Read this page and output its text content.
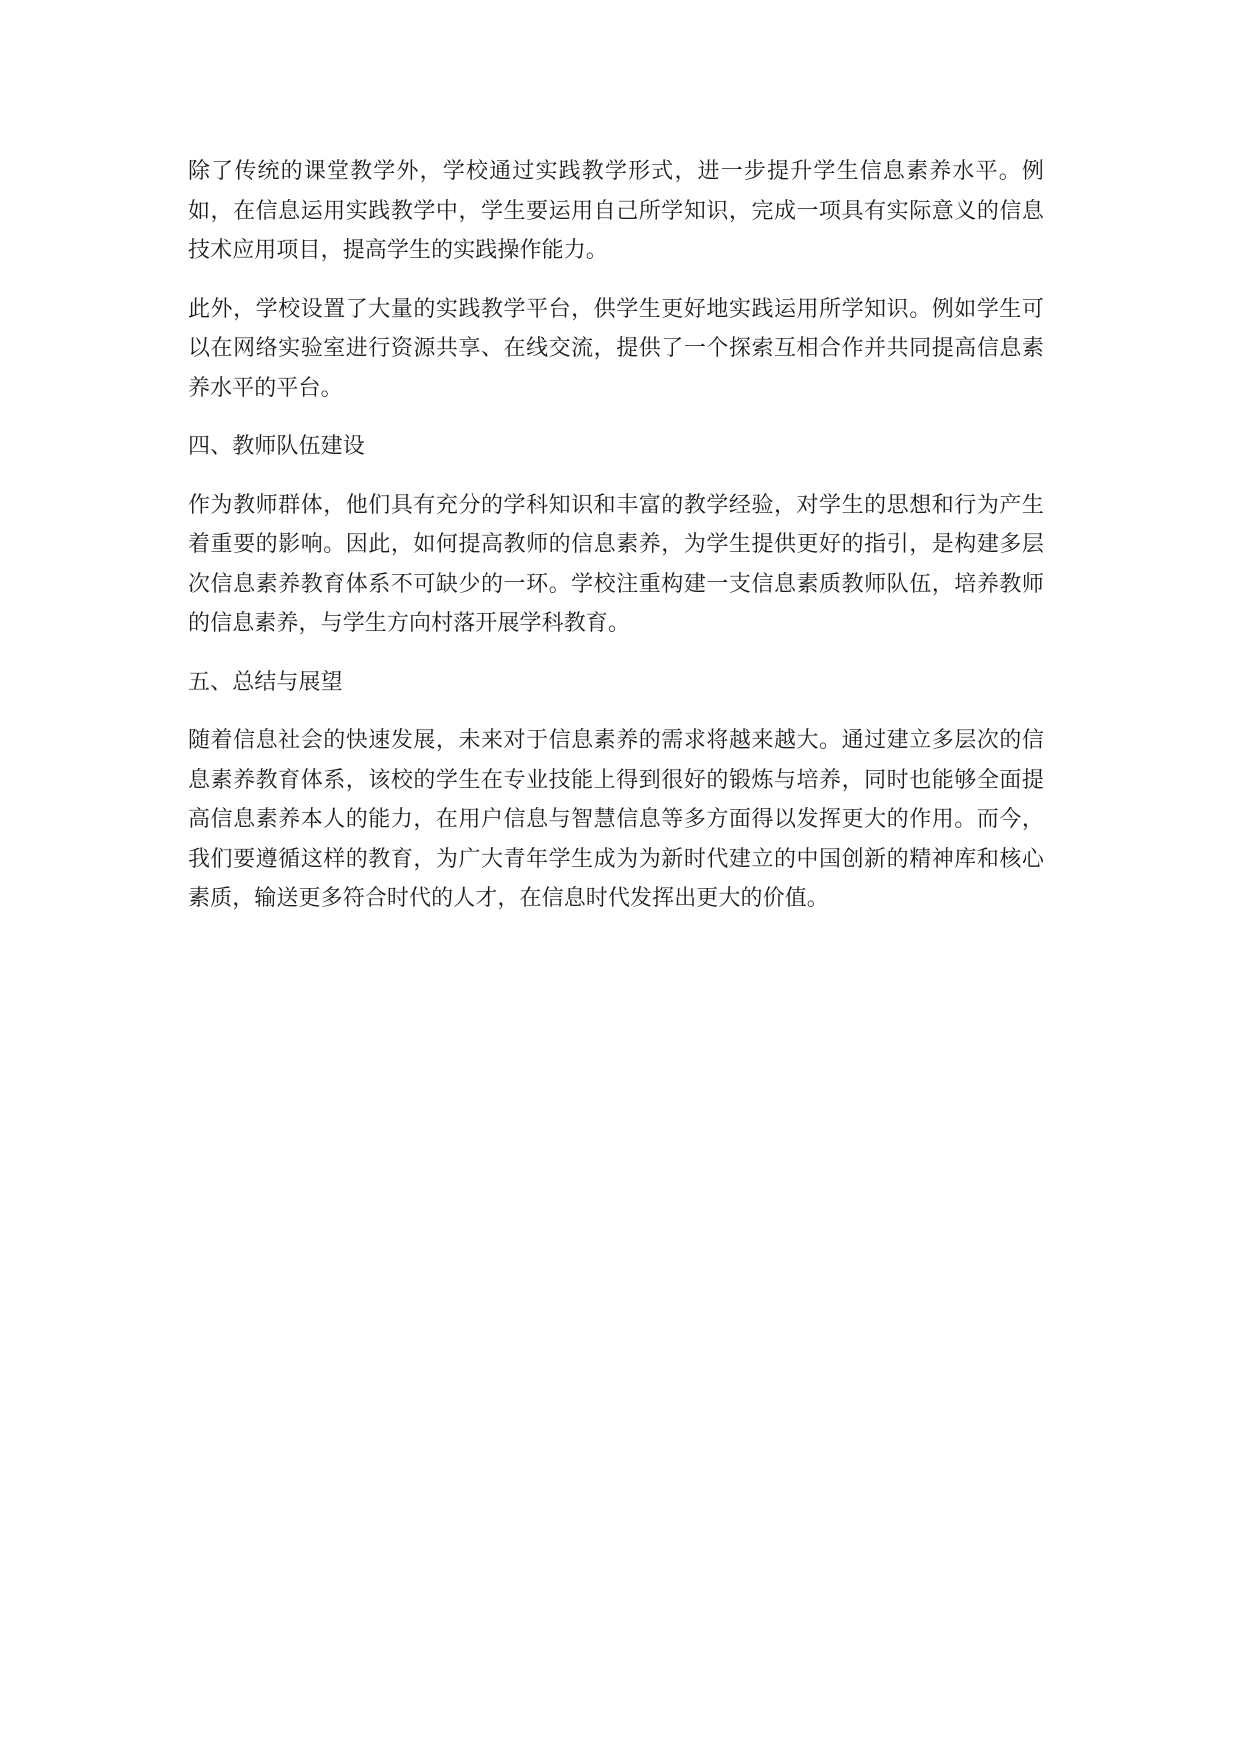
除了传统的课堂教学外，学校通过实践教学形式，进一步提升学生信息素养水平。例如，在信息运用实践教学中，学生要运用自己所学知识，完成一项具有实际意义的信息技术应用项目，提高学生的实践操作能力。

此外，学校设置了大量的实践教学平台，供学生更好地实践运用所学知识。例如学生可以在网络实验室进行资源共享、在线交流，提供了一个探索互相合作并共同提高信息素养水平的平台。

四、教师队伍建设

作为教师群体，他们具有充分的学科知识和丰富的教学经验，对学生的思想和行为产生着重要的影响。因此，如何提高教师的信息素养，为学生提供更好的指引，是构建多层次信息素养教育体系不可缺少的一环。学校注重构建一支信息素质教师队伍，培养教师的信息素养，与学生方向村落开展学科教育。

五、总结与展望

随着信息社会的快速发展，未来对于信息素养的需求将越来越大。通过建立多层次的信息素养教育体系，该校的学生在专业技能上得到很好的锻炼与培养，同时也能够全面提高信息素养本人的能力，在用户信息与智慧信息等多方面得以发挥更大的作用。而今，我们要遵循这样的教育，为广大青年学生成为为新时代建立的中国创新的精神库和核心素质，输送更多符合时代的人才，在信息时代发挥出更大的价值。
